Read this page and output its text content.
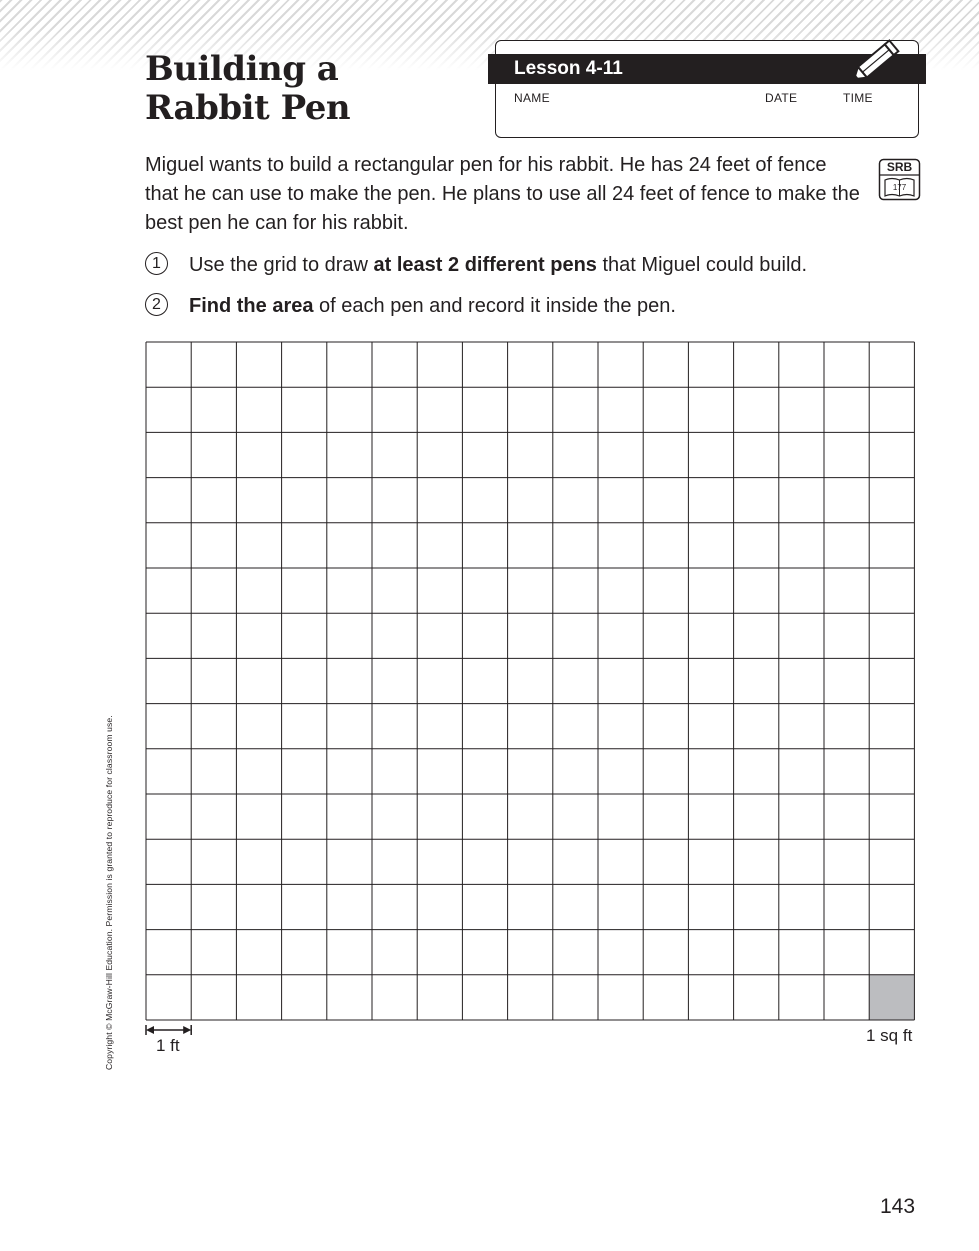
Building a
Rabbit Pen
Lesson 4-11
NAME	DATE	TIME

Miguel wants to build a rectangular pen for his rabbit. He has 24 feet of fence that he can use to make the pen. He plans to use all 24 feet of fence to make the best pen he can for his rabbit.

SRB
177
1	Use the grid to draw at least 2 different pens that Miguel could build.
2	Find the area of each pen and record it inside the pen.
1 ft
1 sq ft
Copyright © McGraw-Hill Education. Permission is granted to reproduce for classroom use.
143
